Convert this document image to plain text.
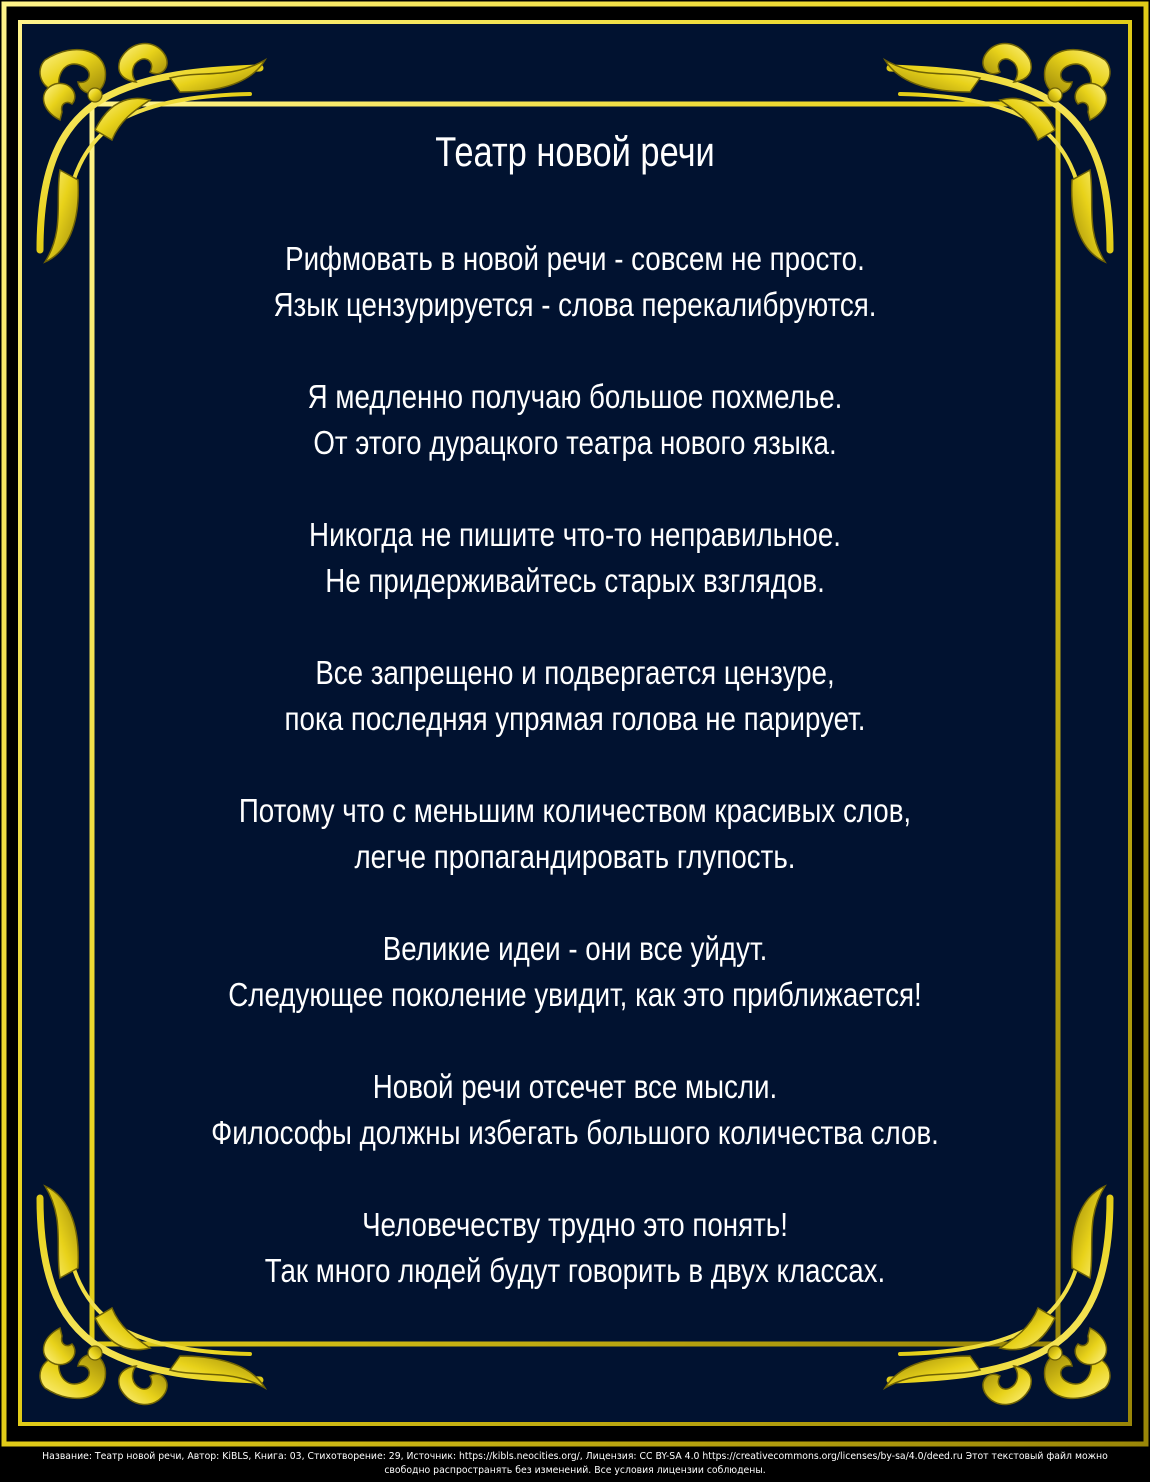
Театр новой речи
Рифмовать в новой речи - совсем не просто.
Язык цензурируется - слова перекалибруются.
Я медленно получаю большое похмелье.
От этого дурацкого театра нового языка.
Никогда не пишите что-то неправильное.
Не придерживайтесь старых взглядов.
Все запрещено и подвергается цензуре,
пока последняя упрямая голова не парирует.
Потому что с меньшим количеством красивых слов,
легче пропагандировать глупость.
Великие идеи - они все уйдут.
Следующее поколение увидит, как это приближается!
Новой речи отсечет все мысли.
Философы должны избегать большого количества слов.
Человечеству трудно это понять!
Так много людей будут говорить в двух классах.
Название: Театр новой речи, Автор: KiBLS, Книга: 03, Стихотворение: 29, Источник: https://kibls.neocities.org/, Лицензия: CC BY-SA 4.0 https://creativecommons.org/licenses/by-sa/4.0/deed.ru Этот текстовый файл можно
свободно распространять без изменений. Все условия лицензии соблюдены.
